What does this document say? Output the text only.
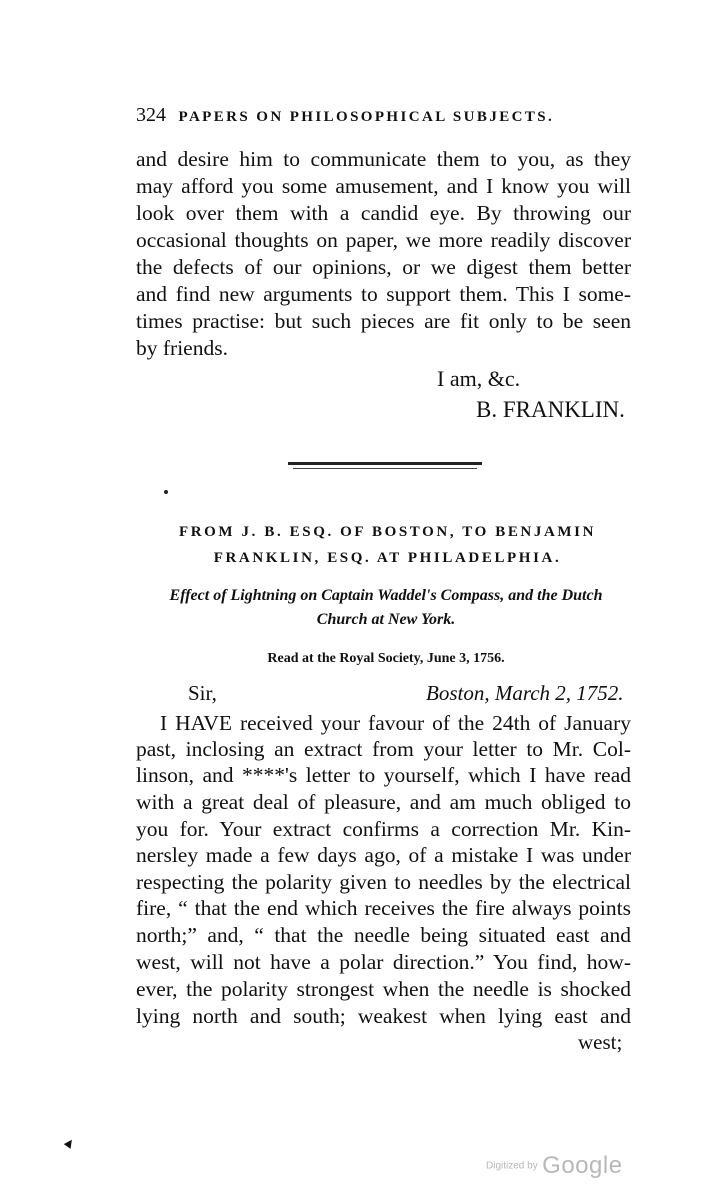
324 PAPERS ON PHILOSOPHICAL SUBJECTS.
and desire him to communicate them to you, as they
may afford you some amusement, and I know you will
look over them with a candid eye. By throwing our
occasional thoughts on paper, we more readily discover
the defects of our opinions, or we digest them better
and find new arguments to support them. This I some-
times practise: but such pieces are fit only to be seen
by friends.
I am, &c.
B. FRANKLIN.
FROM J. B. ESQ. OF BOSTON, TO BENJAMIN
FRANKLIN, ESQ. AT PHILADELPHIA.
Effect of Lightning on Captain Waddel's Compass, and the Dutch
Church at New York.
Read at the Royal Society, June 3, 1756.
Sir,	Boston, March 2, 1752.
I HAVE received your favour of the 24th of January
past, inclosing an extract from your letter to Mr. Col-
linson, and ****'s letter to yourself, which I have read
with a great deal of pleasure, and am much obliged to
you for. Your extract confirms a correction Mr. Kin-
nersley made a few days ago, of a mistake I was under
respecting the polarity given to needles by the electrical
fire, “ that the end which receives the fire always points
north;” and, “ that the needle being situated east and
west, will not have a polar direction.” You find, how-
ever, the polarity strongest when the needle is shocked
lying north and south; weakest when lying east and
west;
▲
Digitized by Google
